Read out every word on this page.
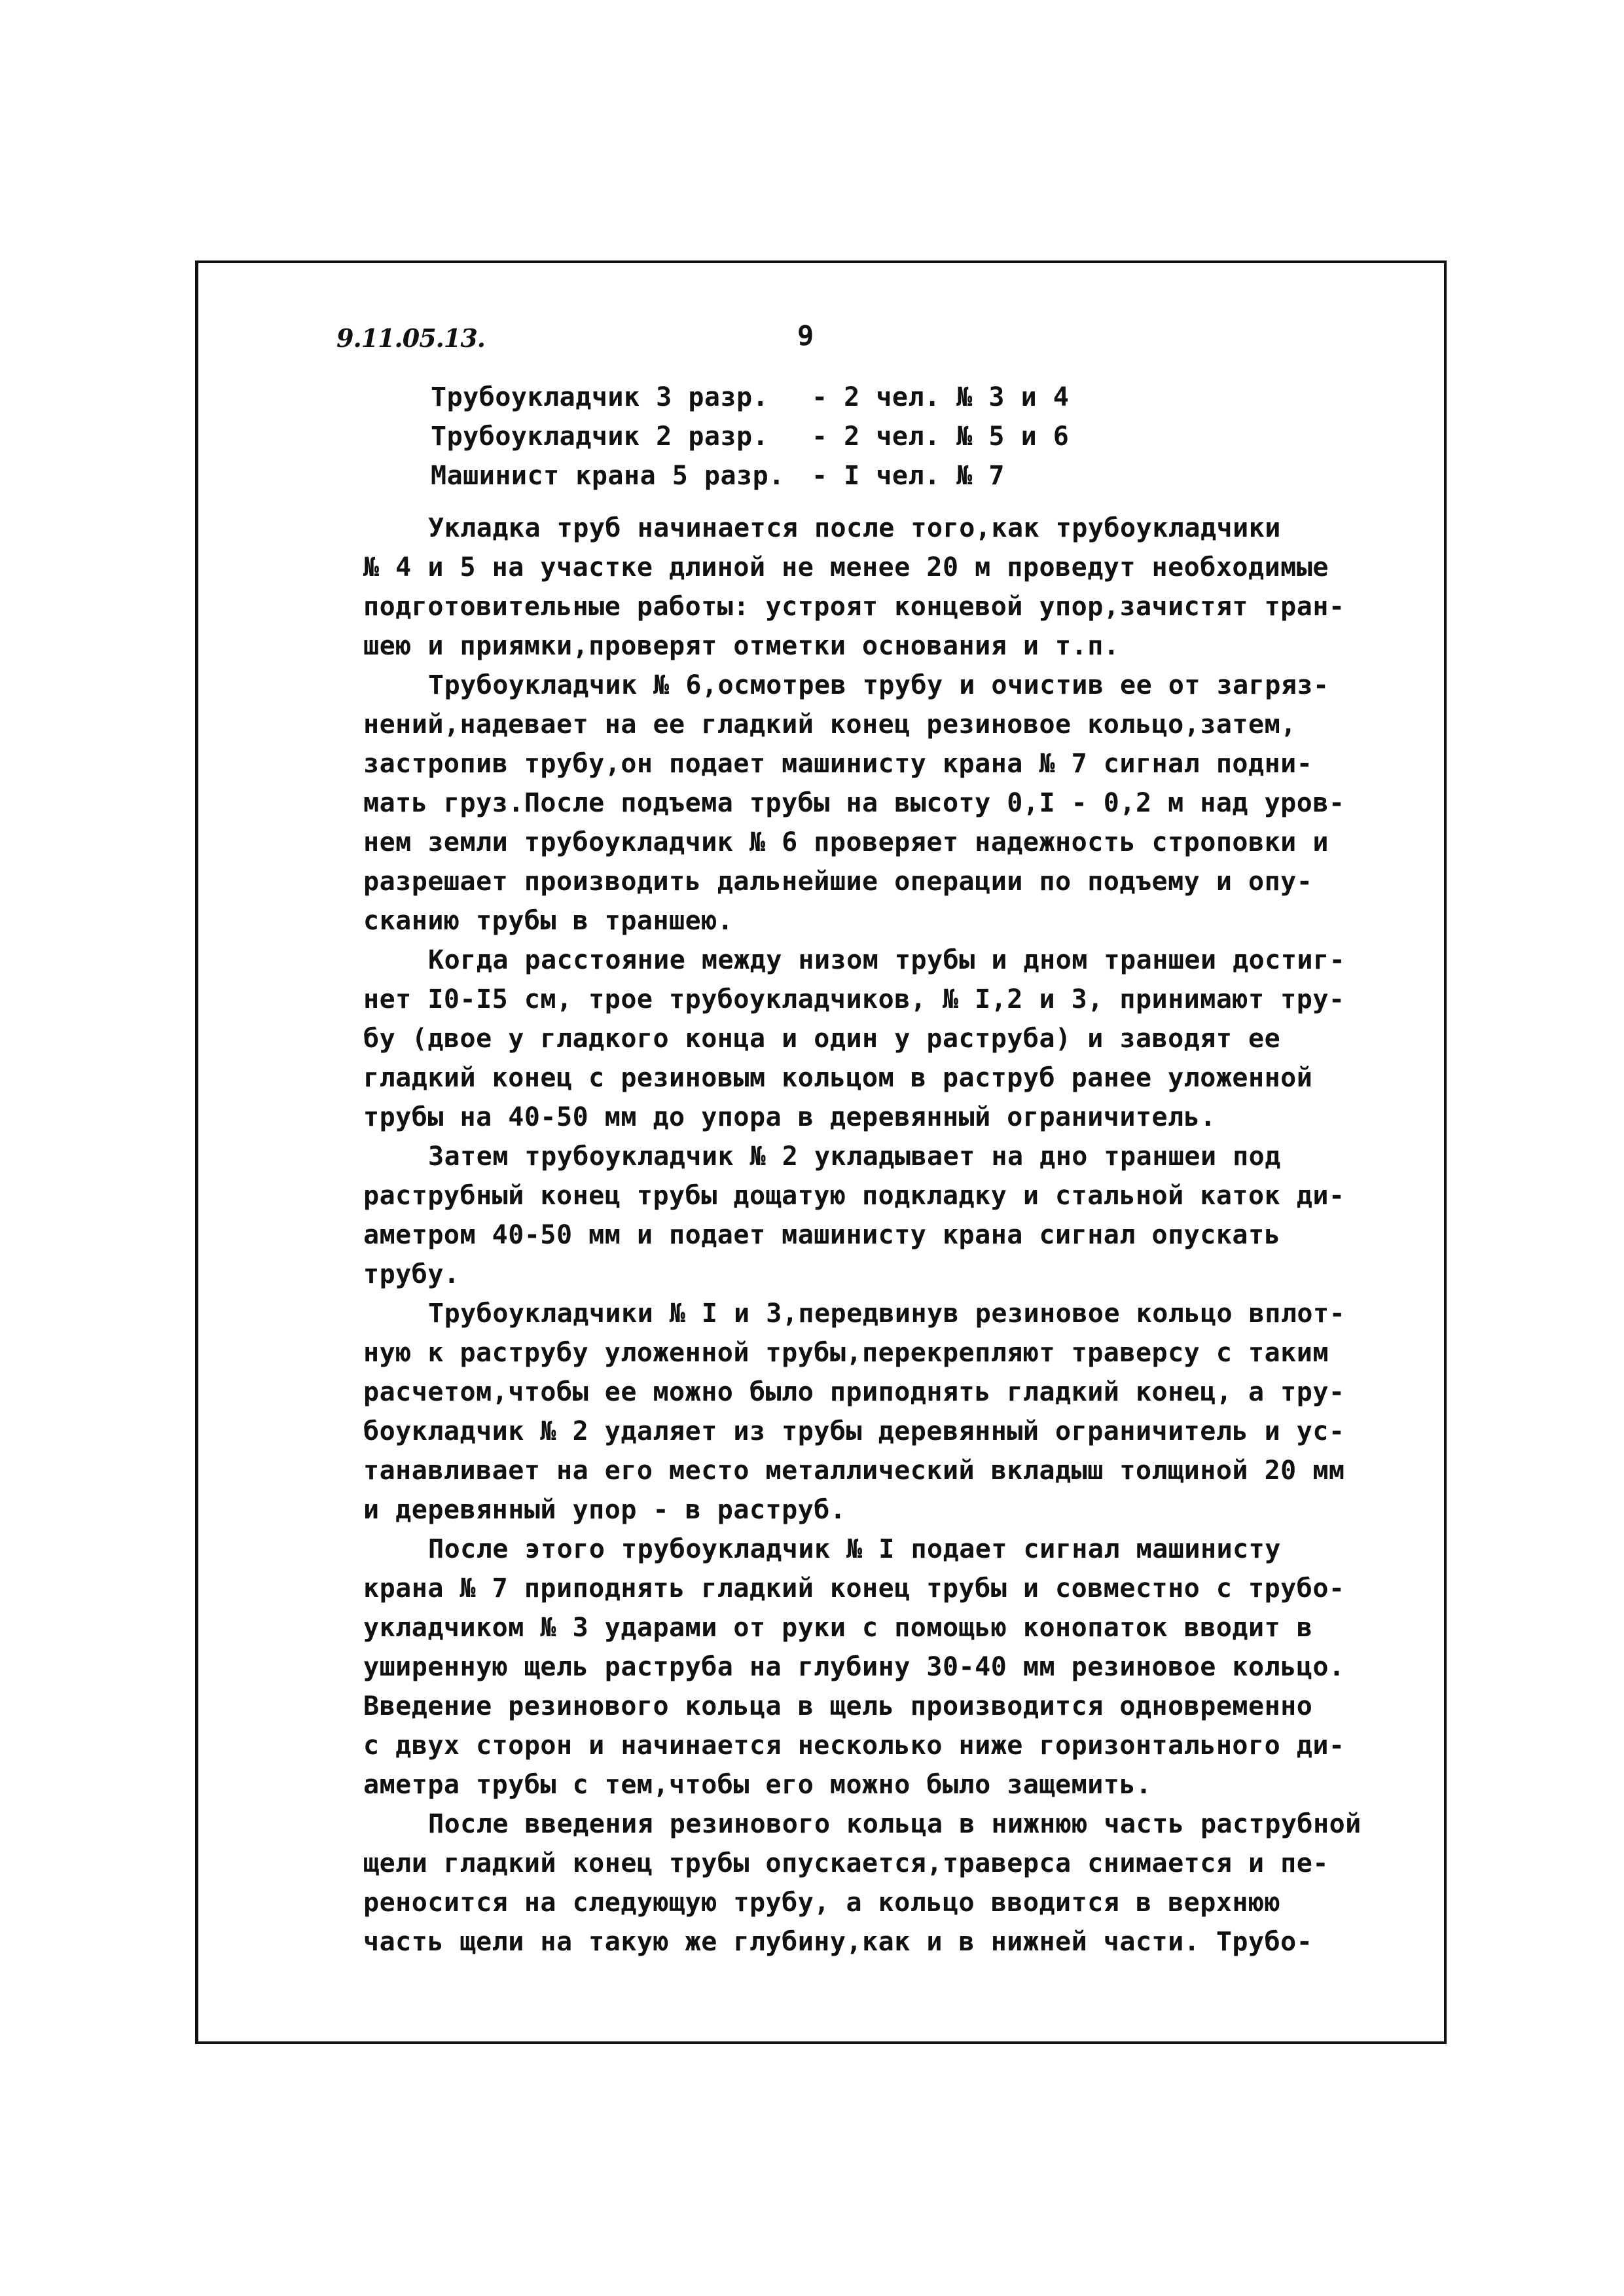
9.11.05.13.	9
Трубоукладчик 3 разр. - 2 чел. № 3 и 4
Трубоукладчик 2 разр. - 2 чел. № 5 и 6
Машинист крана 5 разр. - I чел. № 7
Укладка труб начинается после того,как трубоукладчики
№ 4 и 5 на участке длиной не менее 20 м проведут необходимые
подготовительные работы: устроят концевой упор,зачистят тран-
шею и приямки,проверят отметки основания и т.п.
Трубоукладчик № 6,осмотрев трубу и очистив ее от загряз-
нений,надевает на ее гладкий конец резиновое кольцо,затем,
застропив трубу,он подает машинисту крана № 7 сигнал подни-
мать груз.После подъема трубы на высоту 0,I - 0,2 м над уров-
нем земли трубоукладчик № 6 проверяет надежность строповки и
разрешает производить дальнейшие операции по подъему и опу-
сканию трубы в траншею.
Когда расстояние между низом трубы и дном траншеи достиг-
нет I0-I5 см, трое трубоукладчиков, № I,2 и 3, принимают тру-
бу (двое у гладкого конца и один у раструба) и заводят ее
гладкий конец с резиновым кольцом в раструб ранее уложенной
трубы на 40-50 мм до упора в деревянный ограничитель.
Затем трубоукладчик № 2 укладывает на дно траншеи под
раструбный конец трубы дощатую подкладку и стальной каток ди-
аметром 40-50 мм и подает машинисту крана сигнал опускать
трубу.
Трубоукладчики № I и 3,передвинув резиновое кольцо вплот-
ную к раструбу уложенной трубы,перекрепляют траверсу с таким
расчетом,чтобы ее можно было приподнять гладкий конец, а тру-
боукладчик № 2 удаляет из трубы деревянный ограничитель и ус-
танавливает на его место металлический вкладыш толщиной 20 мм
и деревянный упор - в раструб.
После этого трубоукладчик № I подает сигнал машинисту
крана № 7 приподнять гладкий конец трубы и совместно с трубо-
укладчиком № 3 ударами от руки с помощью конопаток вводит в
уширенную щель раструба на глубину 30-40 мм резиновое кольцо.
Введение резинового кольца в щель производится одновременно
с двух сторон и начинается несколько ниже горизонтального ди-
аметра трубы с тем,чтобы его можно было защемить.
После введения резинового кольца в нижнюю часть раструбной
щели гладкий конец трубы опускается,траверса снимается и пе-
реносится на следующую трубу, а кольцо вводится в верхнюю
часть щели на такую же глубину,как и в нижней части. Трубо-
